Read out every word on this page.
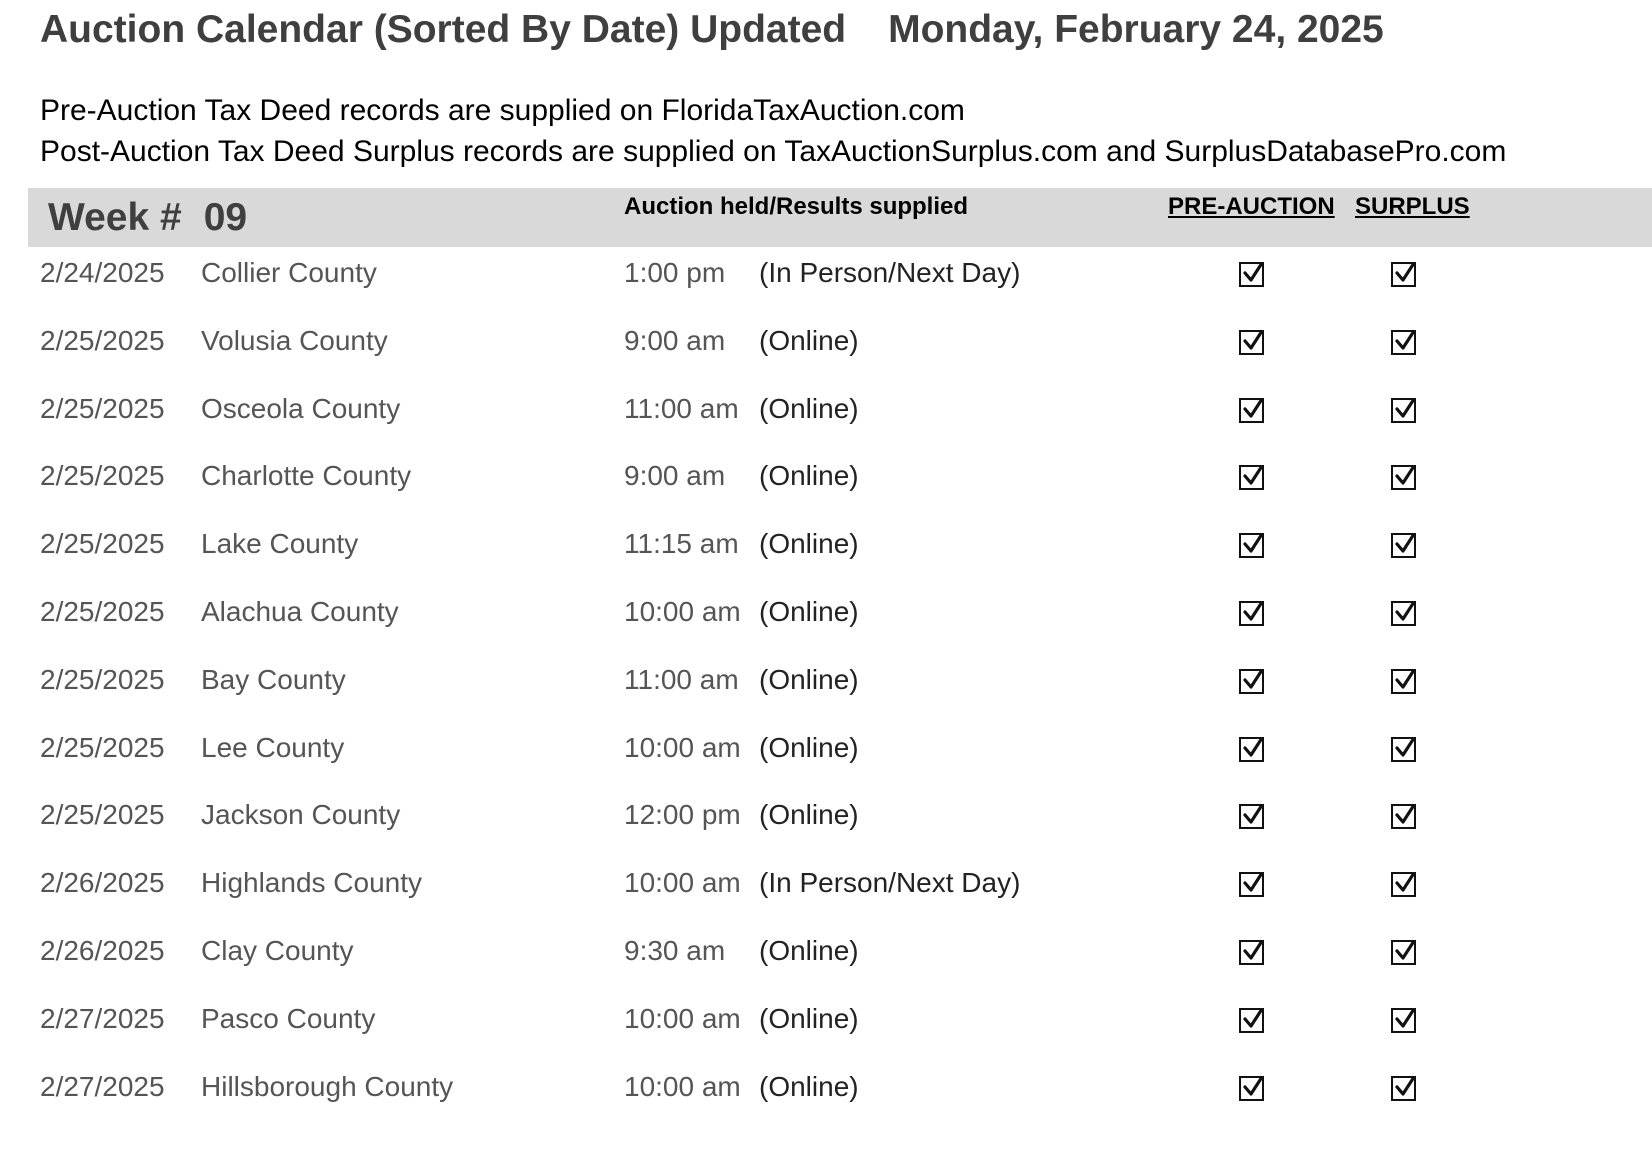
Auction Calendar (Sorted By Date) Updated Monday, February 24, 2025
Pre-Auction Tax Deed records are supplied on FloridaTaxAuction.com
Post-Auction Tax Deed Surplus records are supplied on TaxAuctionSurplus.com and SurplusDatabasePro.com
Week # 09	Auction held/Results supplied	PRE-AUCTION SURPLUS
2/24/2025 Collier County	1:00 pm (In Person/Next Day)
2/25/2025 Volusia County	9:00 am (Online)
2/25/2025 Osceola County	11:00 am (Online)
2/25/2025 Charlotte County	9:00 am (Online)
2/25/2025 Lake County	11:15 am (Online)
2/25/2025 Alachua County	10:00 am (Online)
2/25/2025 Bay County	11:00 am (Online)
2/25/2025 Lee County	10:00 am (Online)
2/25/2025 Jackson County	12:00 pm (Online)
2/26/2025 Highlands County	10:00 am (In Person/Next Day)
2/26/2025 Clay County	9:30 am (Online)
2/27/2025 Pasco County	10:00 am (Online)
2/27/2025 Hillsborough County	10:00 am (Online)
